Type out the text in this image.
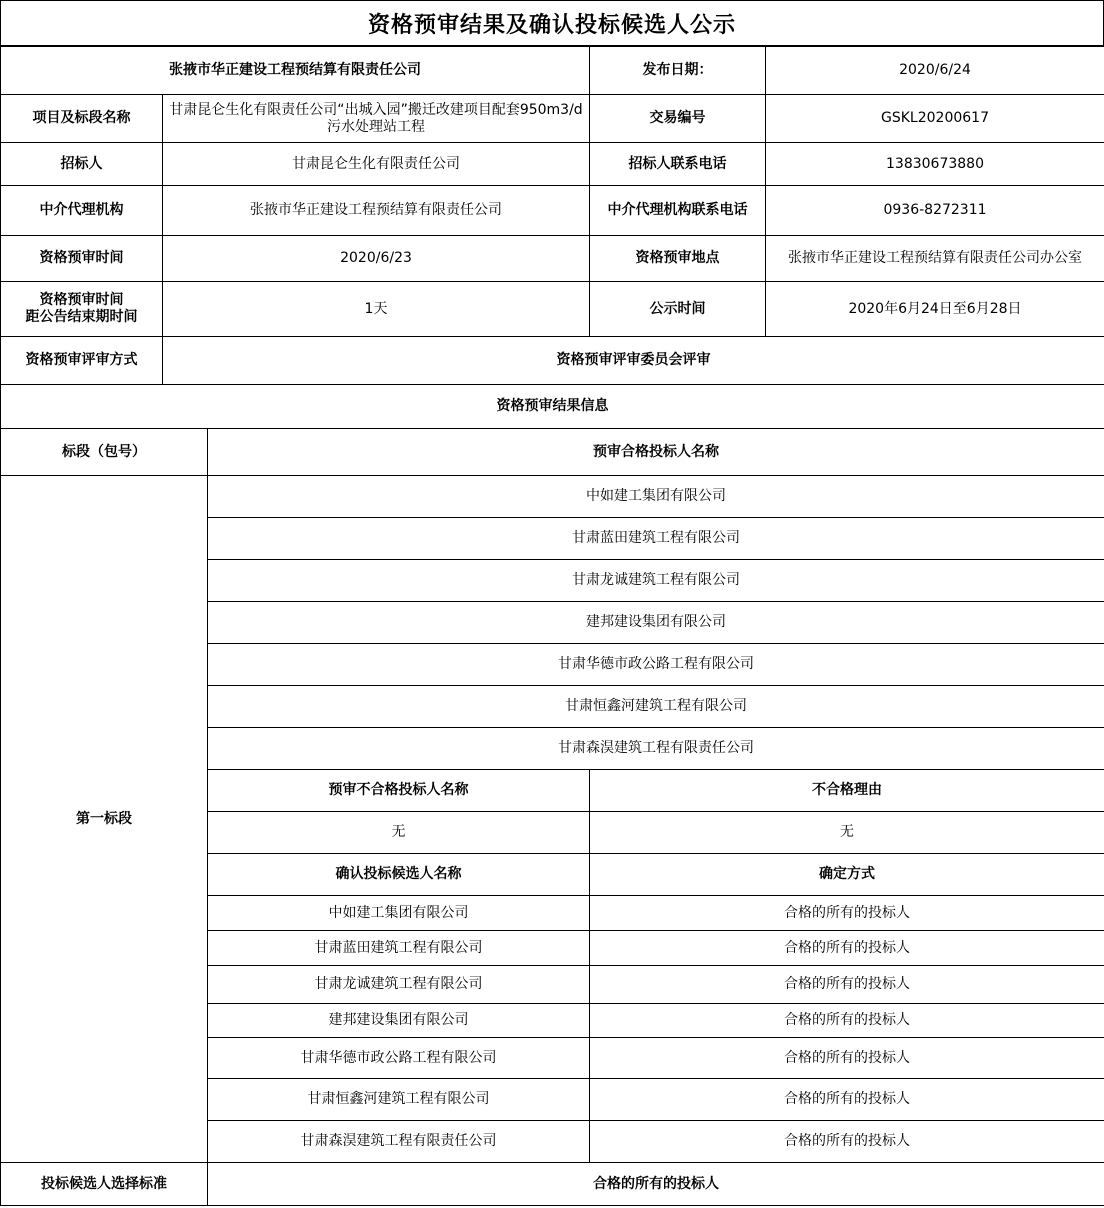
资格预审结果及确认投标候选人公示
张掖市华正建设工程预结算有限责任公司			发布日期：	2020/6/24
项目及标段名称	甘肃昆仑生化有限责任公司“出城入园”搬迁改建项目配套950m3/d污水处理站工程		交易编号	GSKL20200617
招标人	甘肃昆仑生化有限责任公司		招标人联系电话	13830673880
中介代理机构	张掖市华正建设工程预结算有限责任公司		中介代理机构联系电话	0936-8272311
资格预审时间	2020/6/23		资格预审地点	张掖市华正建设工程预结算有限责任公司办公室

资格预审时间
距公告结束期时间	1天		公示时间	2020年6月24日至6月28日
资格预审评审方式	资格预审评审委员会评审			
资格预审结果信息				
标段（包号）		预审合格投标人名称		
第一标段		中如建工集团有限公司		
		甘肃蓝田建筑工程有限公司		
		甘肃龙诚建筑工程有限公司		
		建邦建设集团有限公司		
		甘肃华德市政公路工程有限公司		
		甘肃恒鑫河建筑工程有限公司		
		甘肃森淏建筑工程有限责任公司		
		预审不合格投标人名称	不合格理由	
		无	无	
		确认投标候选人名称	确定方式	
		中如建工集团有限公司	合格的所有的投标人	
		甘肃蓝田建筑工程有限公司	合格的所有的投标人	
		甘肃龙诚建筑工程有限公司	合格的所有的投标人	
		建邦建设集团有限公司	合格的所有的投标人	
		甘肃华德市政公路工程有限公司	合格的所有的投标人	
		甘肃恒鑫河建筑工程有限公司	合格的所有的投标人	
		甘肃森淏建筑工程有限责任公司	合格的所有的投标人	
投标候选人选择标准		合格的所有的投标人		
